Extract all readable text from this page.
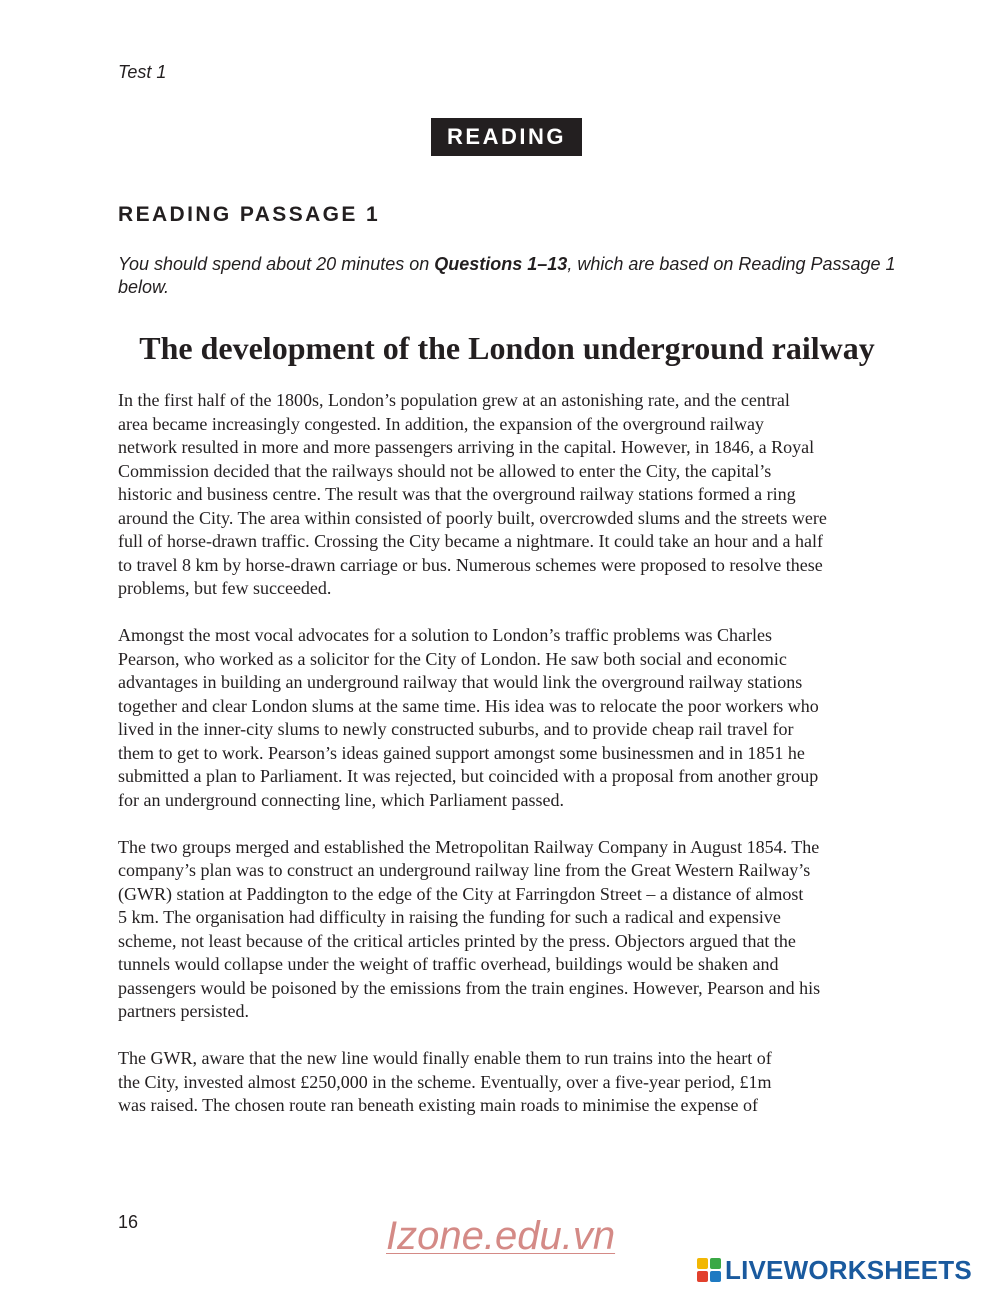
Test 1
READING
READING PASSAGE 1
You should spend about 20 minutes on Questions 1–13, which are based on Reading Passage 1 below.
The development of the London underground railway

In the first half of the 1800s, London’s population grew at an astonishing rate, and the central
area became increasingly congested. In addition, the expansion of the overground railway
network resulted in more and more passengers arriving in the capital. However, in 1846, a Royal
Commission decided that the railways should not be allowed to enter the City, the capital’s
historic and business centre. The result was that the overground railway stations formed a ring
around the City. The area within consisted of poorly built, overcrowded slums and the streets were
full of horse-drawn traffic. Crossing the City became a nightmare. It could take an hour and a half
to travel 8 km by horse-drawn carriage or bus. Numerous schemes were proposed to resolve these
problems, but few succeeded.

Amongst the most vocal advocates for a solution to London’s traffic problems was Charles
Pearson, who worked as a solicitor for the City of London. He saw both social and economic
advantages in building an underground railway that would link the overground railway stations
together and clear London slums at the same time. His idea was to relocate the poor workers who
lived in the inner-city slums to newly constructed suburbs, and to provide cheap rail travel for
them to get to work. Pearson’s ideas gained support amongst some businessmen and in 1851 he
submitted a plan to Parliament. It was rejected, but coincided with a proposal from another group
for an underground connecting line, which Parliament passed.

The two groups merged and established the Metropolitan Railway Company in August 1854. The
company’s plan was to construct an underground railway line from the Great Western Railway’s
(GWR) station at Paddington to the edge of the City at Farringdon Street – a distance of almost
5 km. The organisation had difficulty in raising the funding for such a radical and expensive
scheme, not least because of the critical articles printed by the press. Objectors argued that the
tunnels would collapse under the weight of traffic overhead, buildings would be shaken and
passengers would be poisoned by the emissions from the train engines. However, Pearson and his
partners persisted.

The GWR, aware that the new line would finally enable them to run trains into the heart of
the City, invested almost £250,000 in the scheme. Eventually, over a five-year period, £1m
was raised. The chosen route ran beneath existing main roads to minimise the expense of

16	Izone.edu.vn
LIVEWORKSHEETS
